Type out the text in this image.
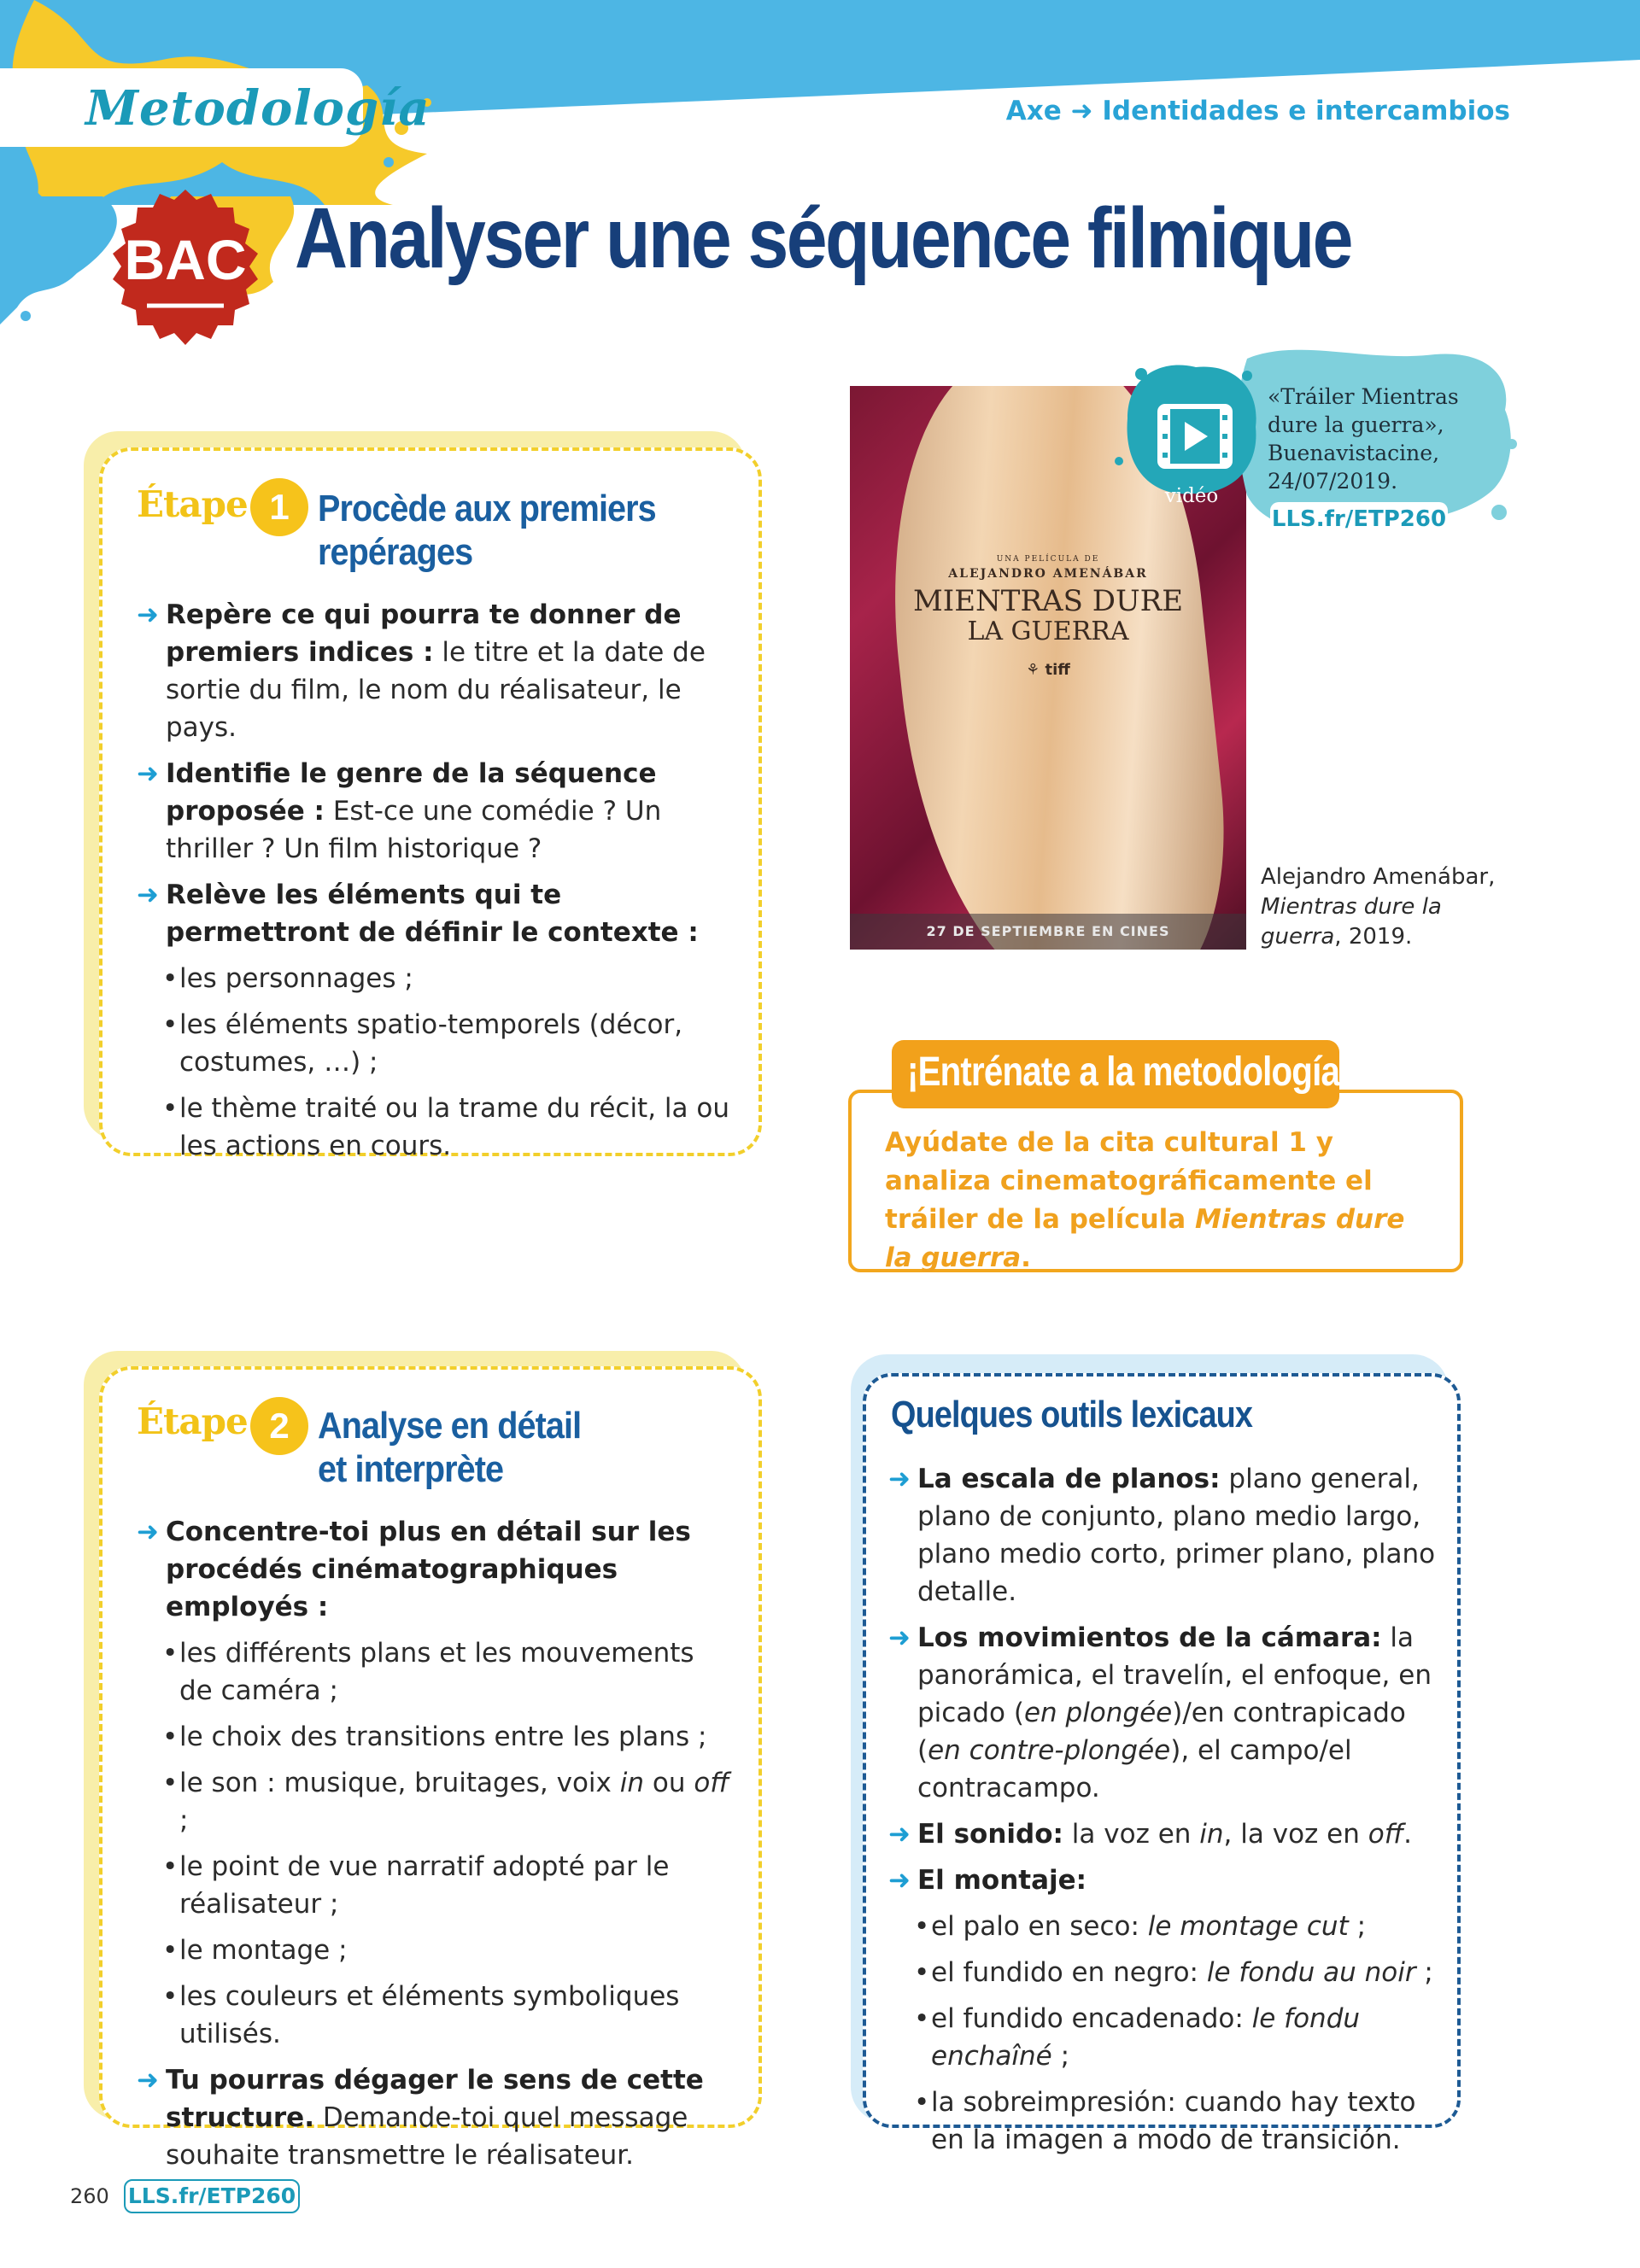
Metodología	Axe ➜ Identidades e intercambios
BAC Analyser une séquence filmique
Étape 1 Procède aux premiers
repérages
➜ Repère ce qui pourra te donner de premiers indices : le titre et la date de sortie du film, le nom du réalisateur, le pays.
➜ Identifie le genre de la séquence proposée : Est-ce une comédie ? Un thriller ? Un film historique ?
➜ Relève les éléments qui te permettront de définir le contexte :
• les personnages ;
• les éléments spatio-temporels (décor, costumes, …) ;
• le thème traité ou la trame du récit, la ou les actions en cours.
UNA PELÍCULA DE
ALEJANDRO AMENÁBAR
MIENTRAS DURE
LA GUERRA
⚘ tiff
27 DE SEPTIEMBRE EN CINES
Alejandro Amenábar, Mientras dure la guerra, 2019.
vidéo
«Tráiler Mientras dure la guerra», Buenavistacine, 24/07/2019.
LLS.fr/ETP260
¡Entrénate a la metodología!
Ayúdate de la cita cultural 1 y analiza cinematográficamente el tráiler de la película Mientras dure la guerra.
Étape 2 Analyse en détail
et interprète
➜ Concentre-toi plus en détail sur les procédés cinématographiques employés :
• les différents plans et les mouvements de caméra ;
• le choix des transitions entre les plans ;
• le son : musique, bruitages, voix in ou off ;
• le point de vue narratif adopté par le réalisateur ;
• le montage ;
• les couleurs et éléments symboliques utilisés.
➜ Tu pourras dégager le sens de cette structure. Demande-toi quel message souhaite transmettre le réalisateur.
Quelques outils lexicaux
➜ La escala de planos: plano general, plano de conjunto, plano medio largo, plano medio corto, primer plano, plano detalle.
➜ Los movimientos de la cámara: la panorámica, el travelín, el enfoque, en picado (en plongée)/en contrapicado (en contre-plongée), el campo/el contracampo.
➜ El sonido: la voz en in, la voz en off.
➜ El montaje:
• el palo en seco: le montage cut ;
• el fundido en negro: le fondu au noir ;
• el fundido encadenado: le fondu enchaîné ;
• la sobreimpresión: cuando hay texto en la imagen a modo de transición.
260 LLS.fr/ETP260
